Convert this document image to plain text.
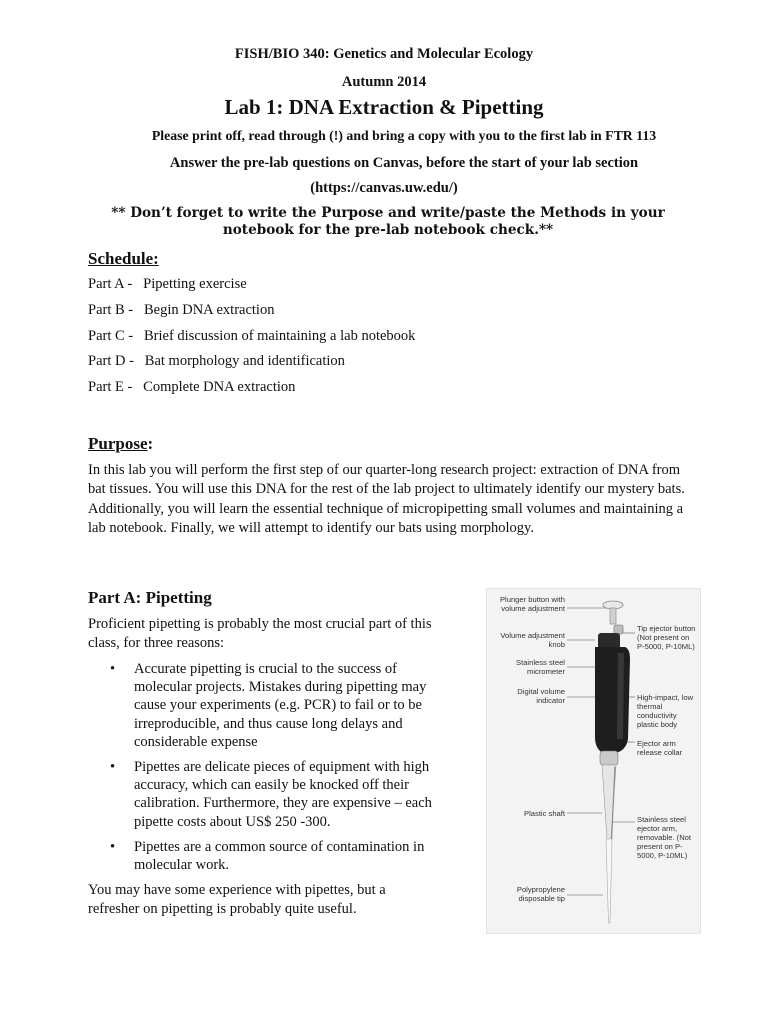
FISH/BIO 340: Genetics and Molecular Ecology
Autumn 2014
Lab 1: DNA Extraction & Pipetting
Please print off, read through (!) and bring a copy with you to the first lab in FTR 113
Answer the pre-lab questions on Canvas, before the start of your lab section
(https://canvas.uw.edu/)
** Don’t forget to write the Purpose and write/paste the Methods in your notebook for the pre-lab notebook check.**
Schedule:
Part A -   Pipetting exercise
Part B -   Begin DNA extraction
Part C -   Brief discussion of maintaining a lab notebook
Part D -   Bat morphology and identification
Part E -   Complete DNA extraction
Purpose:

In this lab you will perform the first step of our quarter-long research project: extraction of DNA from bat tissues. You will use this DNA for the rest of the lab project to ultimately identify our mystery bats. Additionally, you will learn the essential technique of micropipetting small volumes and maintaining a lab notebook. Finally, we will attempt to identify our bats using morphology.

Part A: Pipetting

Proficient pipetting is probably the most crucial part of this class, for three reasons:

• Accurate pipetting is crucial to the success of molecular projects. Mistakes during pipetting may cause your experiments (e.g. PCR) to fail or to be irreproducible, and thus cause long delays and considerable expense
• Pipettes are delicate pieces of equipment with high accuracy, which can easily be knocked off their calibration. Furthermore, they are expensive – each pipette costs about US$ 250 -300.
• Pipettes are a common source of contamination in molecular work.

You may have some experience with pipettes, but a refresher on pipetting is probably quite useful.

Plunger button with volume adjustment
Volume adjustment knob
Stainless steel micrometer
Digital volume indicator
Plastic shaft
Polypropylene disposable tip
Tip ejector button (Not present on P-5000, P-10ML)
High-impact, low thermal conductivity plastic body
Ejector arm release collar
Stainless steel ejector arm, removable. (Not present on P-5000, P-10ML)
